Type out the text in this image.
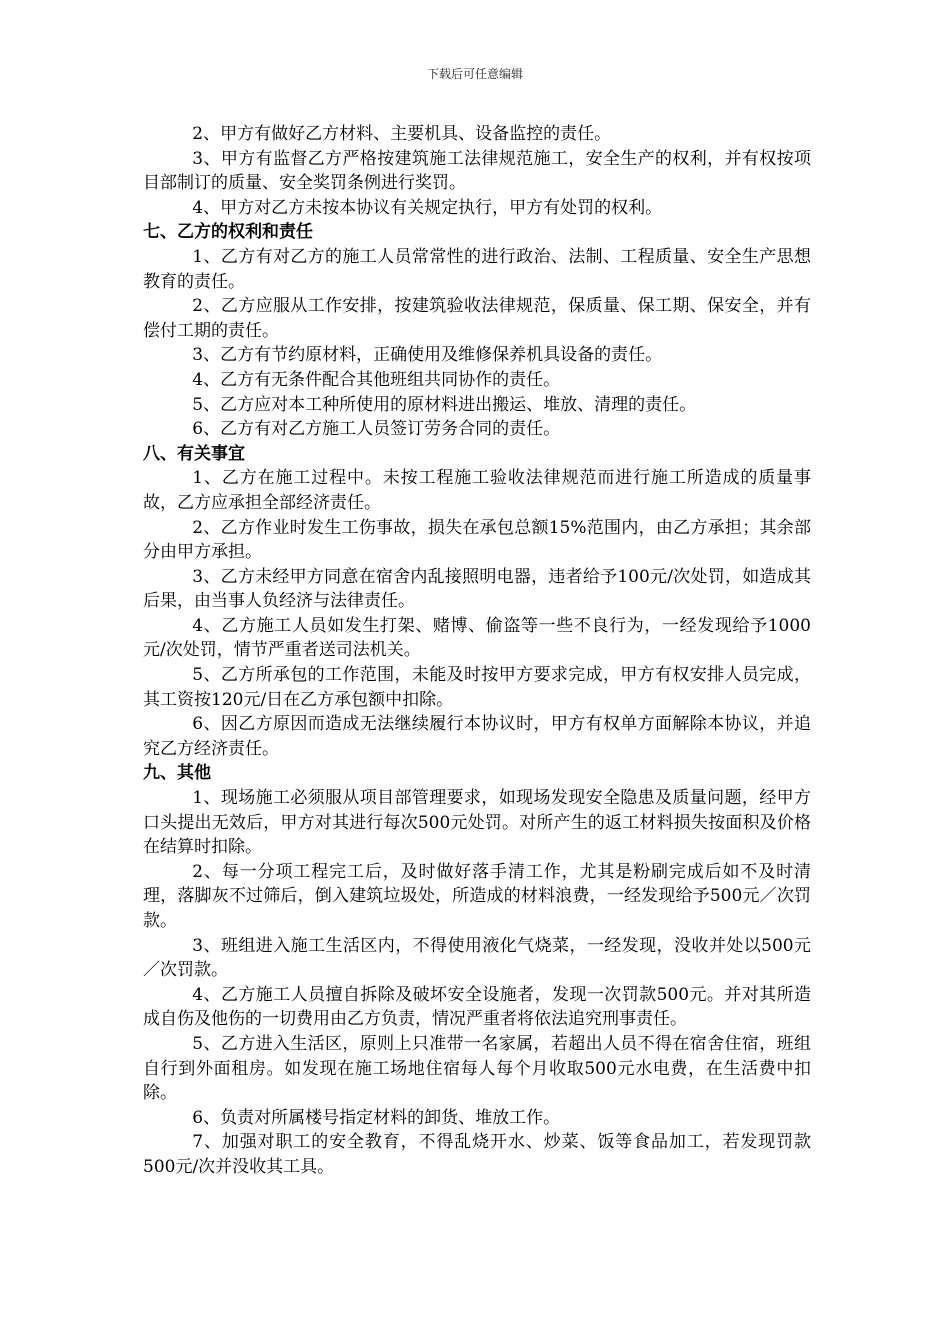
下载后可任意编辑
2、甲方有做好乙方材料、主要机具、设备监控的责任。
3、甲方有监督乙方严格按建筑施工法律规范施工，安全生产的权利，并有权按项目部制订的质量、安全奖罚条例进行奖罚。
4、甲方对乙方未按本协议有关规定执行，甲方有处罚的权利。
七、乙方的权利和责任
1、乙方有对乙方的施工人员常常性的进行政治、法制、工程质量、安全生产思想教育的责任。
2、乙方应服从工作安排，按建筑验收法律规范，保质量、保工期、保安全，并有偿付工期的责任。
3、乙方有节约原材料，正确使用及维修保养机具设备的责任。
4、乙方有无条件配合其他班组共同协作的责任。
5、乙方应对本工种所使用的原材料进出搬运、堆放、清理的责任。
6、乙方有对乙方施工人员签订劳务合同的责任。
八、有关事宜
1、乙方在施工过程中。未按工程施工验收法律规范而进行施工所造成的质量事故，乙方应承担全部经济责任。
2、乙方作业时发生工伤事故，损失在承包总额15%范围内，由乙方承担；其余部分由甲方承担。
3、乙方未经甲方同意在宿舍内乱接照明电器，违者给予100元/次处罚，如造成其后果，由当事人负经济与法律责任。
4、乙方施工人员如发生打架、赌博、偷盗等一些不良行为，一经发现给予1000元/次处罚，情节严重者送司法机关。
5、乙方所承包的工作范围，未能及时按甲方要求完成，甲方有权安排人员完成，其工资按120元/日在乙方承包额中扣除。
6、因乙方原因而造成无法继续履行本协议时，甲方有权单方面解除本协议，并追究乙方经济责任。
九、其他
1、现场施工必须服从项目部管理要求，如现场发现安全隐患及质量问题，经甲方口头提出无效后，甲方对其进行每次500元处罚。对所产生的返工材料损失按面积及价格在结算时扣除。
2、每一分项工程完工后，及时做好落手清工作，尤其是粉刷完成后如不及时清理，落脚灰不过筛后，倒入建筑垃圾处，所造成的材料浪费，一经发现给予500元／次罚款。
3、班组进入施工生活区内，不得使用液化气烧菜，一经发现，没收并处以500元／次罚款。
4、乙方施工人员擅自拆除及破坏安全设施者，发现一次罚款500元。并对其所造成自伤及他伤的一切费用由乙方负责，情况严重者将依法追究刑事责任。
5、乙方进入生活区，原则上只准带一名家属，若超出人员不得在宿舍住宿，班组自行到外面租房。如发现在施工场地住宿每人每个月收取500元水电费，在生活费中扣除。
6、负责对所属楼号指定材料的卸货、堆放工作。
7、加强对职工的安全教育，不得乱烧开水、炒菜、饭等食品加工，若发现罚款500元/次并没收其工具。
